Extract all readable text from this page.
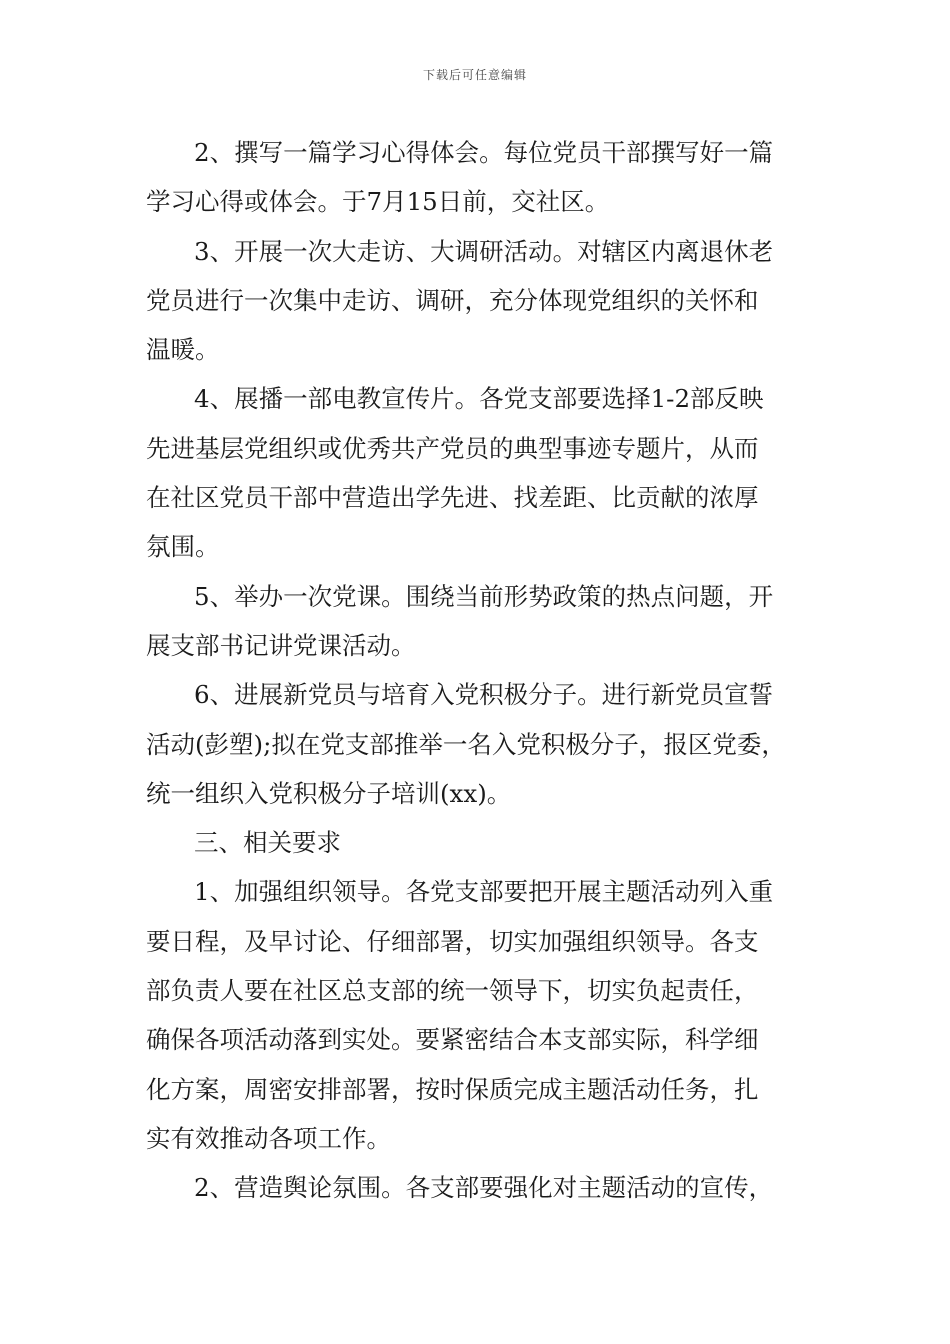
下载后可任意编辑
2、撰写一篇学习心得体会。每位党员干部撰写好一篇
学习心得或体会。于7月15日前，交社区。
3、开展一次大走访、大调研活动。对辖区内离退休老
党员进行一次集中走访、调研，充分体现党组织的关怀和
温暖。
4、展播一部电教宣传片。各党支部要选择1-2部反映
先进基层党组织或优秀共产党员的典型事迹专题片，从而
在社区党员干部中营造出学先进、找差距、比贡献的浓厚
氛围。
5、举办一次党课。围绕当前形势政策的热点问题，开
展支部书记讲党课活动。
6、进展新党员与培育入党积极分子。进行新党员宣誓
活动(彭塑);拟在党支部推举一名入党积极分子，报区党委，
统一组织入党积极分子培训(xx)。
三、相关要求
1、加强组织领导。各党支部要把开展主题活动列入重
要日程，及早讨论、仔细部署，切实加强组织领导。各支
部负责人要在社区总支部的统一领导下，切实负起责任，
确保各项活动落到实处。要紧密结合本支部实际，科学细
化方案，周密安排部署，按时保质完成主题活动任务，扎
实有效推动各项工作。
2、营造舆论氛围。各支部要强化对主题活动的宣传，
